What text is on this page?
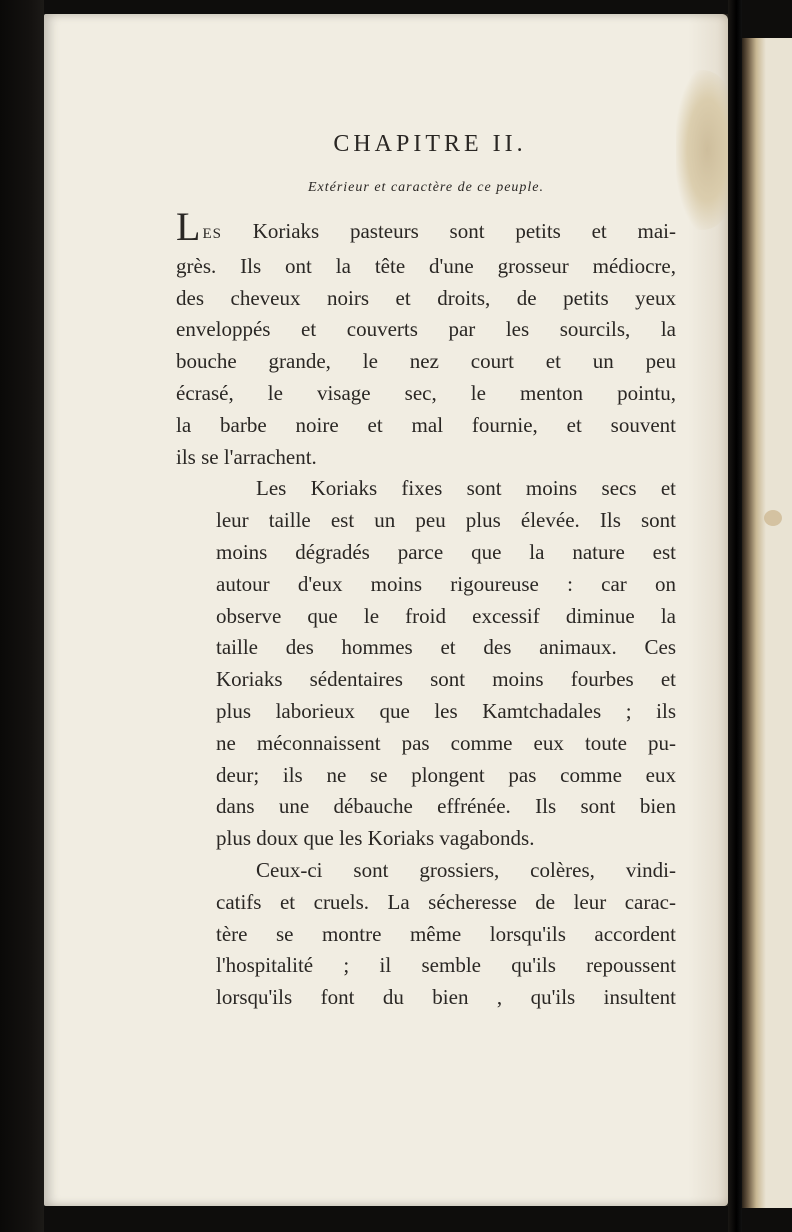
CHAPITRE II.
Extérieur et caractère de ce peuple.
LES Koriaks pasteurs sont petits et mai-
grès. Ils ont la tête d'une grosseur médiocre,
des cheveux noirs et droits, de petits yeux
enveloppés et couverts par les sourcils, la
bouche grande, le nez court et un peu
écrasé, le visage sec, le menton pointu,
la barbe noire et mal fournie, et souvent
ils se l'arrachent.
Les Koriaks fixes sont moins secs et
leur taille est un peu plus élevée. Ils sont
moins dégradés parce que la nature est
autour d'eux moins rigoureuse : car on
observe que le froid excessif diminue la
taille des hommes et des animaux. Ces
Koriaks sédentaires sont moins fourbes et
plus laborieux que les Kamtchadales ; ils
ne méconnaissent pas comme eux toute pu-
deur; ils ne se plongent pas comme eux
dans une débauche effrénée. Ils sont bien
plus doux que les Koriaks vagabonds.
Ceux-ci sont grossiers, colères, vindi-
catifs et cruels. La sécheresse de leur carac-
tère se montre même lorsqu'ils accordent
l'hospitalité ; il semble qu'ils repoussent
lorsqu'ils font du bien , qu'ils insultent
